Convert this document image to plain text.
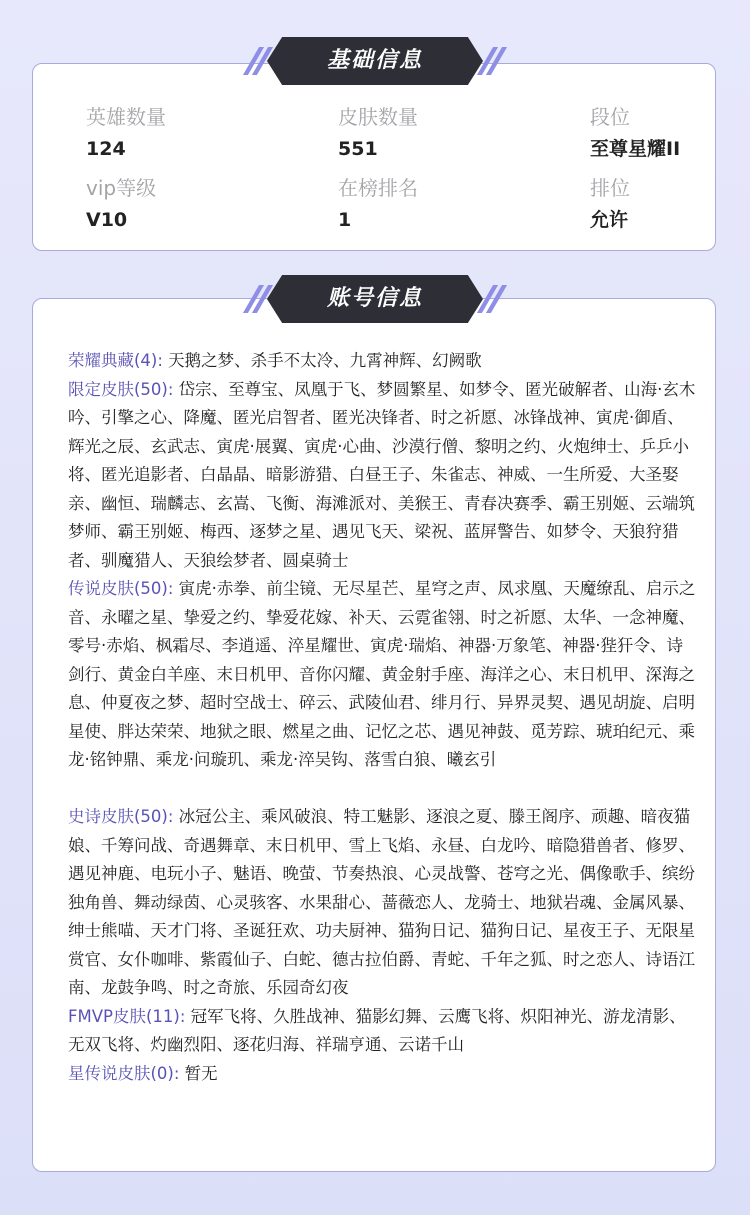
基础信息
英雄数量
124
皮肤数量
551
段位
至尊星耀II
vip等级
V10
在榜排名
1
排位
允许
账号信息
荣耀典藏(4): 天鹅之梦、杀手不太冷、九霄神辉、幻阙歌
限定皮肤(50): 岱宗、至尊宝、凤凰于飞、梦圆繁星、如梦令、匿光破解者、山海·玄木吟、引擎之心、降魔、匿光启智者、匿光决锋者、时之祈愿、冰锋战神、寅虎·御盾、辉光之辰、玄武志、寅虎·展翼、寅虎·心曲、沙漠行僧、黎明之约、火炮绅士、乒乒小将、匿光追影者、白晶晶、暗影游猎、白昼王子、朱雀志、神威、一生所爱、大圣娶亲、幽恒、瑞麟志、玄嵩、飞衡、海滩派对、美猴王、青春决赛季、霸王别姬、云端筑梦师、霸王别姬、梅西、逐梦之星、遇见飞天、梁祝、蓝屏警告、如梦令、天狼狩猎者、驯魔猎人、天狼绘梦者、圆桌骑士
传说皮肤(50): 寅虎·赤拳、前尘镜、无尽星芒、星穹之声、凤求凰、天魔缭乱、启示之音、永曜之星、挚爱之约、挚爱花嫁、补天、云霓雀翎、时之祈愿、太华、一念神魔、零号·赤焰、枫霜尽、李逍遥、淬星耀世、寅虎·瑞焰、神器·万象笔、神器·狴犴令、诗剑行、黄金白羊座、末日机甲、音你闪耀、黄金射手座、海洋之心、末日机甲、深海之息、仲夏夜之梦、超时空战士、碎云、武陵仙君、绯月行、异界灵契、遇见胡旋、启明星使、胖达荣荣、地狱之眼、燃星之曲、记忆之芯、遇见神鼓、觅芳踪、琥珀纪元、乘龙·铭钟鼎、乘龙·问璇玑、乘龙·淬吴钩、落雪白狼、曦玄引
史诗皮肤(50): 冰冠公主、乘风破浪、特工魅影、逐浪之夏、滕王阁序、顽趣、暗夜猫娘、千筹问战、奇遇舞章、末日机甲、雪上飞焰、永昼、白龙吟、暗隐猎兽者、修罗、遇见神鹿、电玩小子、魅语、晚萤、节奏热浪、心灵战警、苍穹之光、偶像歌手、缤纷独角兽、舞动绿茵、心灵骇客、水果甜心、蔷薇恋人、龙骑士、地狱岩魂、金属风暴、绅士熊喵、天才门将、圣诞狂欢、功夫厨神、猫狗日记、猫狗日记、星夜王子、无限星赏官、女仆咖啡、紫霞仙子、白蛇、德古拉伯爵、青蛇、千年之狐、时之恋人、诗语江南、龙鼓争鸣、时之奇旅、乐园奇幻夜
FMVP皮肤(11): 冠军飞将、久胜战神、猫影幻舞、云鹰飞将、炽阳神光、游龙清影、无双飞将、灼幽烈阳、逐花归海、祥瑞亨通、云诺千山
星传说皮肤(0): 暂无
